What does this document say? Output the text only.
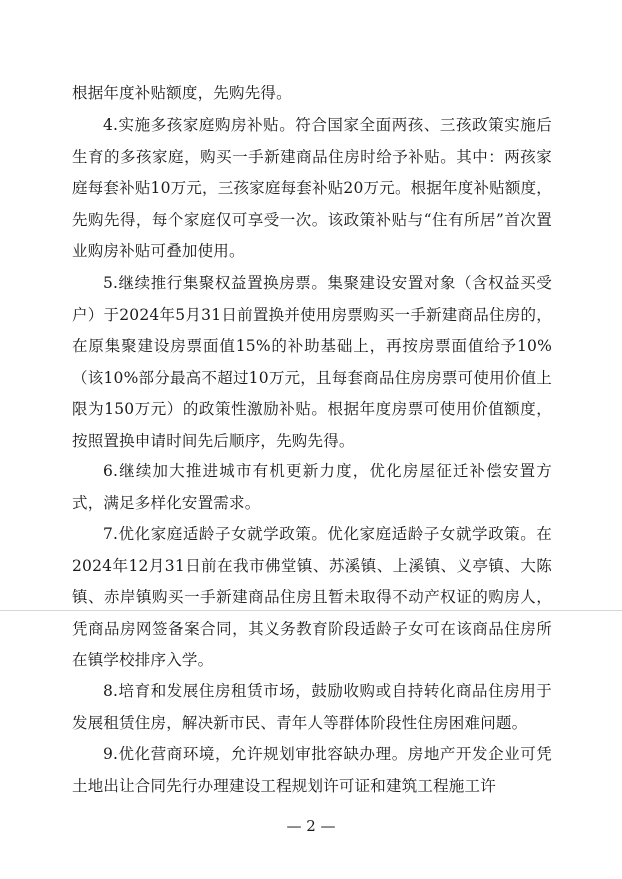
根据年度补贴额度，先购先得。

4.实施多孩家庭购房补贴。符合国家全面两孩、三孩政策实施后生育的多孩家庭，购买一手新建商品住房时给予补贴。其中：两孩家庭每套补贴10万元，三孩家庭每套补贴20万元。根据年度补贴额度，先购先得，每个家庭仅可享受一次。该政策补贴与“住有所居”首次置业购房补贴可叠加使用。

5.继续推行集聚权益置换房票。集聚建设安置对象（含权益买受户）于2024年5月31日前置换并使用房票购买一手新建商品住房的，在原集聚建设房票面值15%的补助基础上，再按房票面值给予10%（该10%部分最高不超过10万元，且每套商品住房房票可使用价值上限为150万元）的政策性激励补贴。根据年度房票可使用价值额度，按照置换申请时间先后顺序，先购先得。

6.继续加大推进城市有机更新力度，优化房屋征迁补偿安置方式，满足多样化安置需求。

7.优化家庭适龄子女就学政策。优化家庭适龄子女就学政策。在2024年12月31日前在我市佛堂镇、苏溪镇、上溪镇、义亭镇、大陈镇、赤岸镇购买一手新建商品住房且暂未取得不动产权证的购房人，凭商品房网签备案合同，其义务教育阶段适龄子女可在该商品住房所在镇学校排序入学。

8.培育和发展住房租赁市场，鼓励收购或自持转化商品住房用于发展租赁住房，解决新市民、青年人等群体阶段性住房困难问题。

9.优化营商环境，允许规划审批容缺办理。房地产开发企业可凭土地出让合同先行办理建设工程规划许可证和建筑工程施工许

— 2 —
